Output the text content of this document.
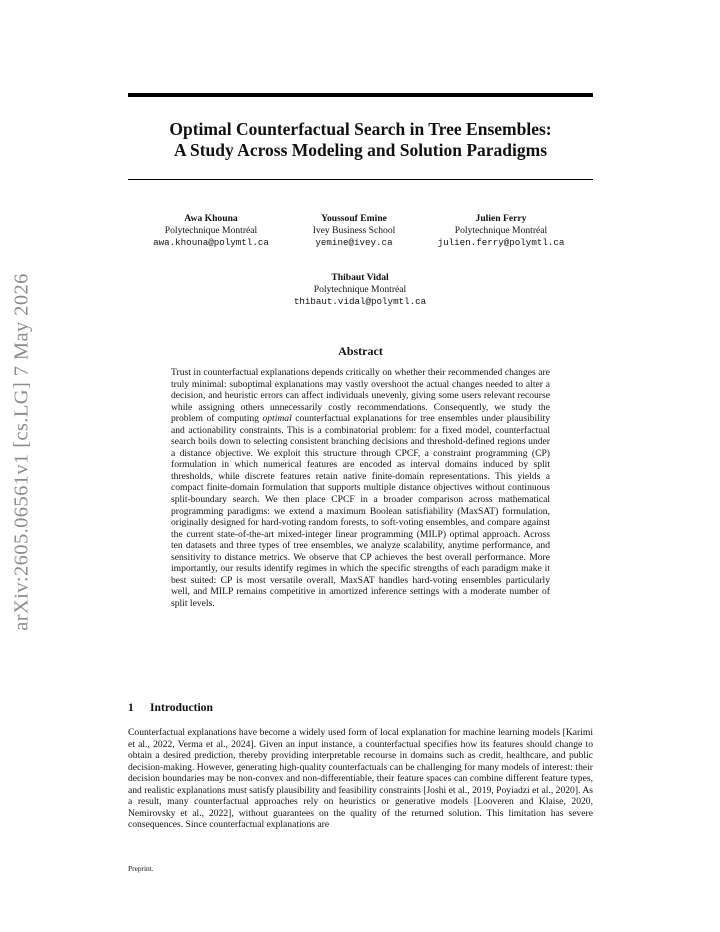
arXiv:2605.06561v1 [cs.LG] 7 May 2026
Optimal Counterfactual Search in Tree Ensembles:
A Study Across Modeling and Solution Paradigms
Awa Khouna
Polytechnique Montréal
awa.khouna@polymtl.ca
Youssouf Emine
Ivey Business School
yemine@ivey.ca
Julien Ferry
Polytechnique Montréal
julien.ferry@polymtl.ca
Thibaut Vidal
Polytechnique Montréal
thibaut.vidal@polymtl.ca
Abstract

Trust in counterfactual explanations depends critically on whether their recommended changes are truly minimal: suboptimal explanations may vastly overshoot the actual changes needed to alter a decision, and heuristic errors can affect individuals unevenly, giving some users relevant recourse while assigning others unnecessarily costly recommendations. Consequently, we study the problem of computing optimal counterfactual explanations for tree ensembles under plausibility and actionability constraints. This is a combinatorial problem: for a fixed model, counterfactual search boils down to selecting consistent branching decisions and threshold-defined regions under a distance objective. We exploit this structure through CPCF, a constraint programming (CP) formulation in which numerical features are encoded as interval domains induced by split thresholds, while discrete features retain native finite-domain representations. This yields a compact finite-domain formulation that supports multiple distance objectives without continuous split-boundary search. We then place CPCF in a broader comparison across mathematical programming paradigms: we extend a maximum Boolean satisfiability (MaxSAT) formulation, originally designed for hard-voting random forests, to soft-voting ensembles, and compare against the current state-of-the-art mixed-integer linear programming (MILP) optimal approach. Across ten datasets and three types of tree ensembles, we analyze scalability, anytime performance, and sensitivity to distance metrics. We observe that CP achieves the best overall performance. More importantly, our results identify regimes in which the specific strengths of each paradigm make it best suited: CP is most versatile overall, MaxSAT handles hard-voting ensembles particularly well, and MILP remains competitive in amortized inference settings with a moderate number of split levels.

1 Introduction

Counterfactual explanations have become a widely used form of local explanation for machine learning models [Karimi et al., 2022, Verma et al., 2024]. Given an input instance, a counterfactual specifies how its features should change to obtain a desired prediction, thereby providing interpretable recourse in domains such as credit, healthcare, and public decision-making. However, generating high-quality counterfactuals can be challenging for many models of interest: their decision boundaries may be non-convex and non-differentiable, their feature spaces can combine different feature types, and realistic explanations must satisfy plausibility and feasibility constraints [Joshi et al., 2019, Poyiadzi et al., 2020]. As a result, many counterfactual approaches rely on heuristics or generative models [Looveren and Klaise, 2020, Nemirovsky et al., 2022], without guarantees on the quality of the returned solution. This limitation has severe consequences. Since counterfactual explanations are

Preprint.
